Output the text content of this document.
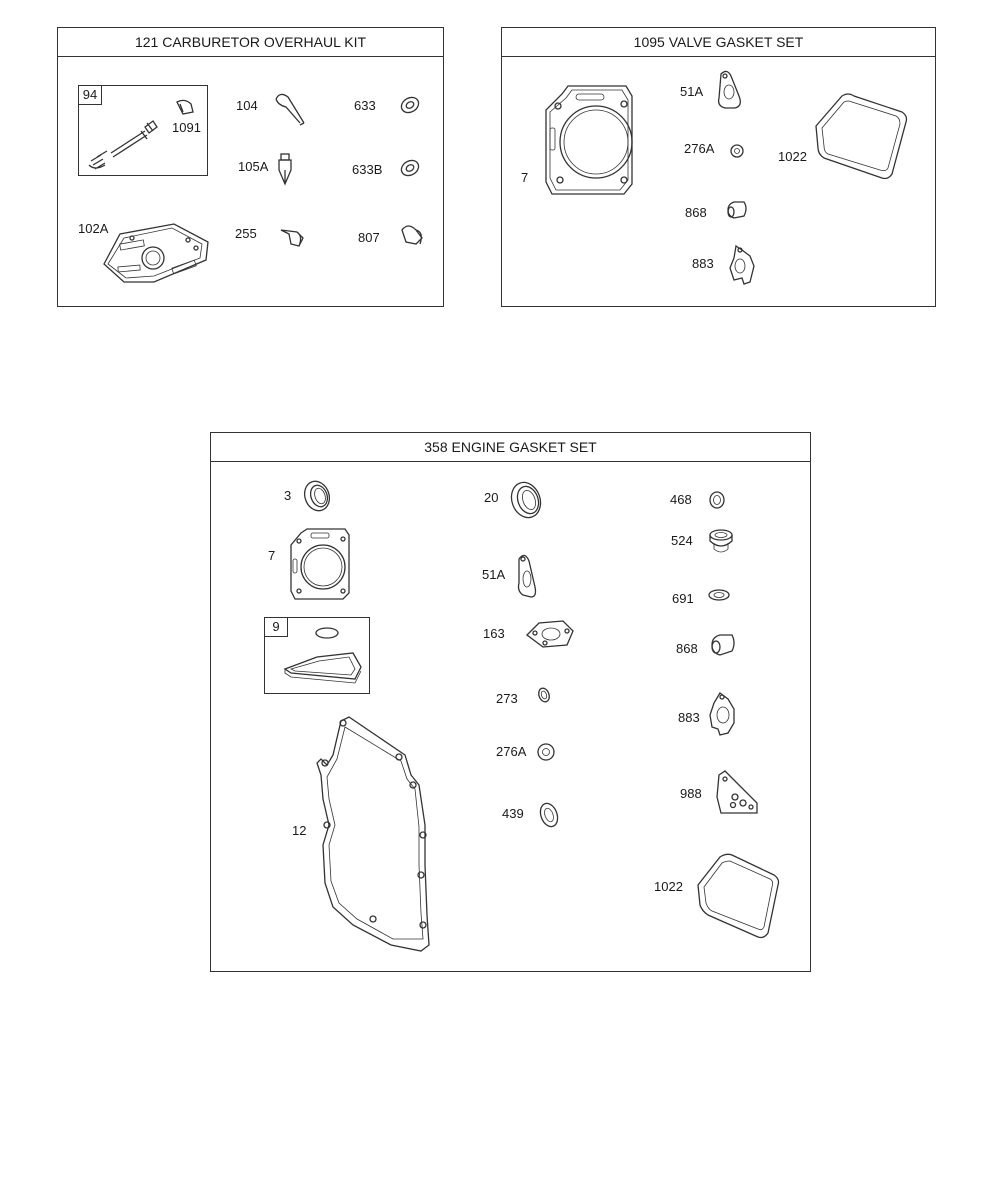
121 CARBURETOR OVERHAUL KIT
94
1091
104	633
105A	633B
102A	255	807
1095 VALVE GASKET SET
7
51A
276A
1022
868
883
358 ENGINE GASKET SET
3
7
9
12
20
51A
163
273
276A
439
468
524
691
868
883
988
1022
